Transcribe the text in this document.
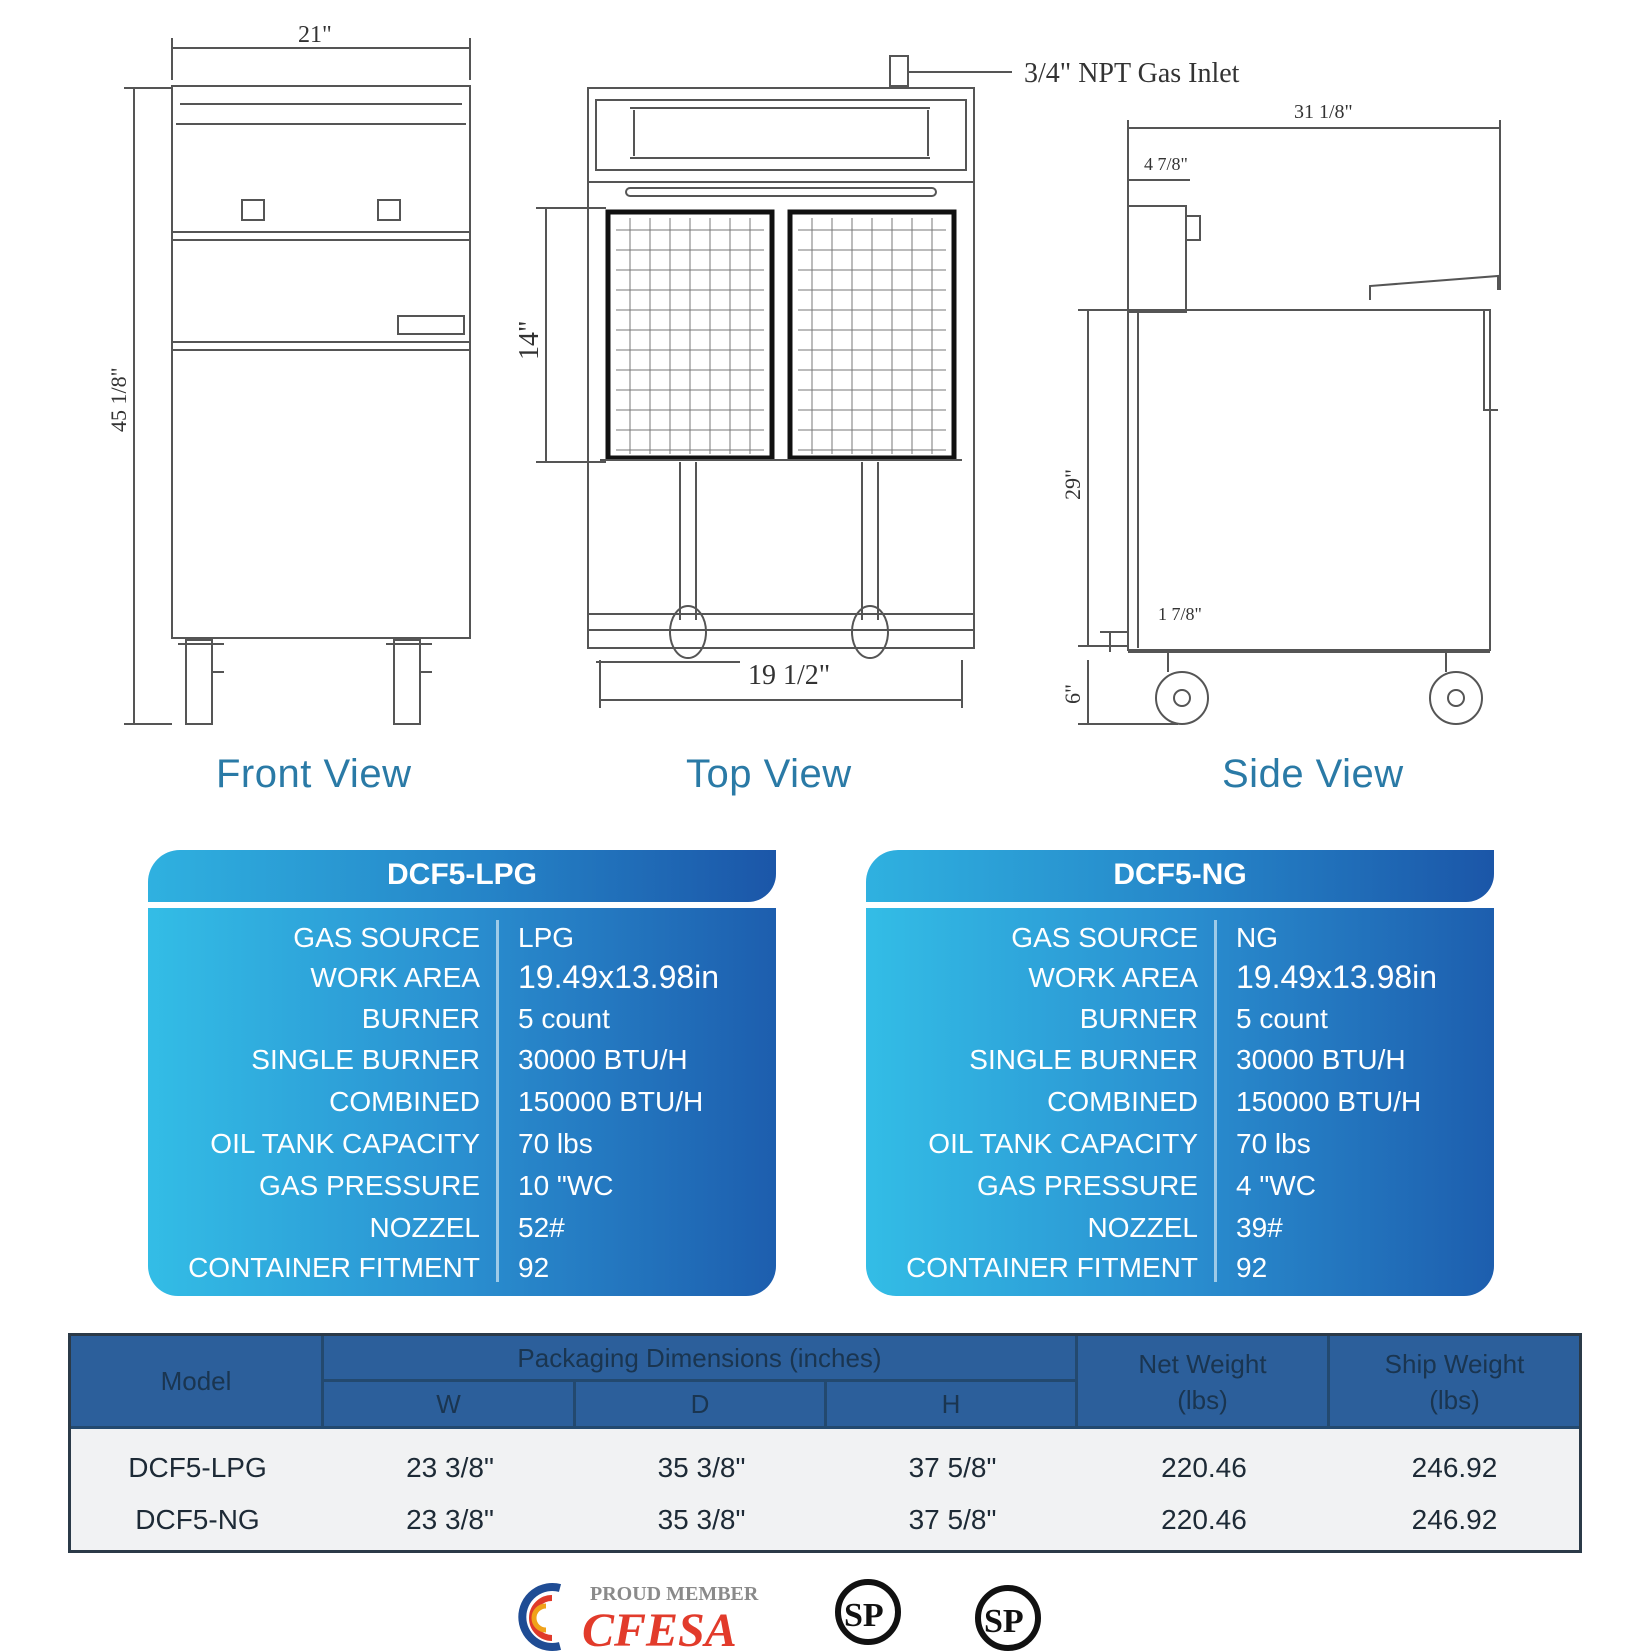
21"
45 1/8"
3/4" NPT Gas Inlet
14"
19 1/2"
31 1/8"
4 7/8"
29"
1 7/8"
6"
Front View	Top View	Side View
DCF5-LPG
GAS SOURCE LPG
WORK AREA 19.49x13.98in
BURNER 5 count
SINGLE BURNER 30000 BTU/H
COMBINED 150000 BTU/H
OIL TANK CAPACITY 70 lbs
GAS PRESSURE 10 "WC
NOZZEL 52#
CONTAINER FITMENT 92
DCF5-NG
GAS SOURCE NG
WORK AREA 19.49x13.98in
BURNER 5 count
SINGLE BURNER 30000 BTU/H
COMBINED 150000 BTU/H
OIL TANK CAPACITY 70 lbs
GAS PRESSURE 4 "WC
NOZZEL 39#
CONTAINER FITMENT 92
Model
Packaging Dimensions (inches)
W	D	H
Net Weight
(lbs)
Ship Weight
(lbs)
DCF5-LPG	23 3/8"	35 3/8"	37 5/8"	220.46	246.92
DCF5-NG	23 3/8"	35 3/8"	37 5/8"	220.46	246.92
PROUD MEMBER
CFESA	SP	SP
